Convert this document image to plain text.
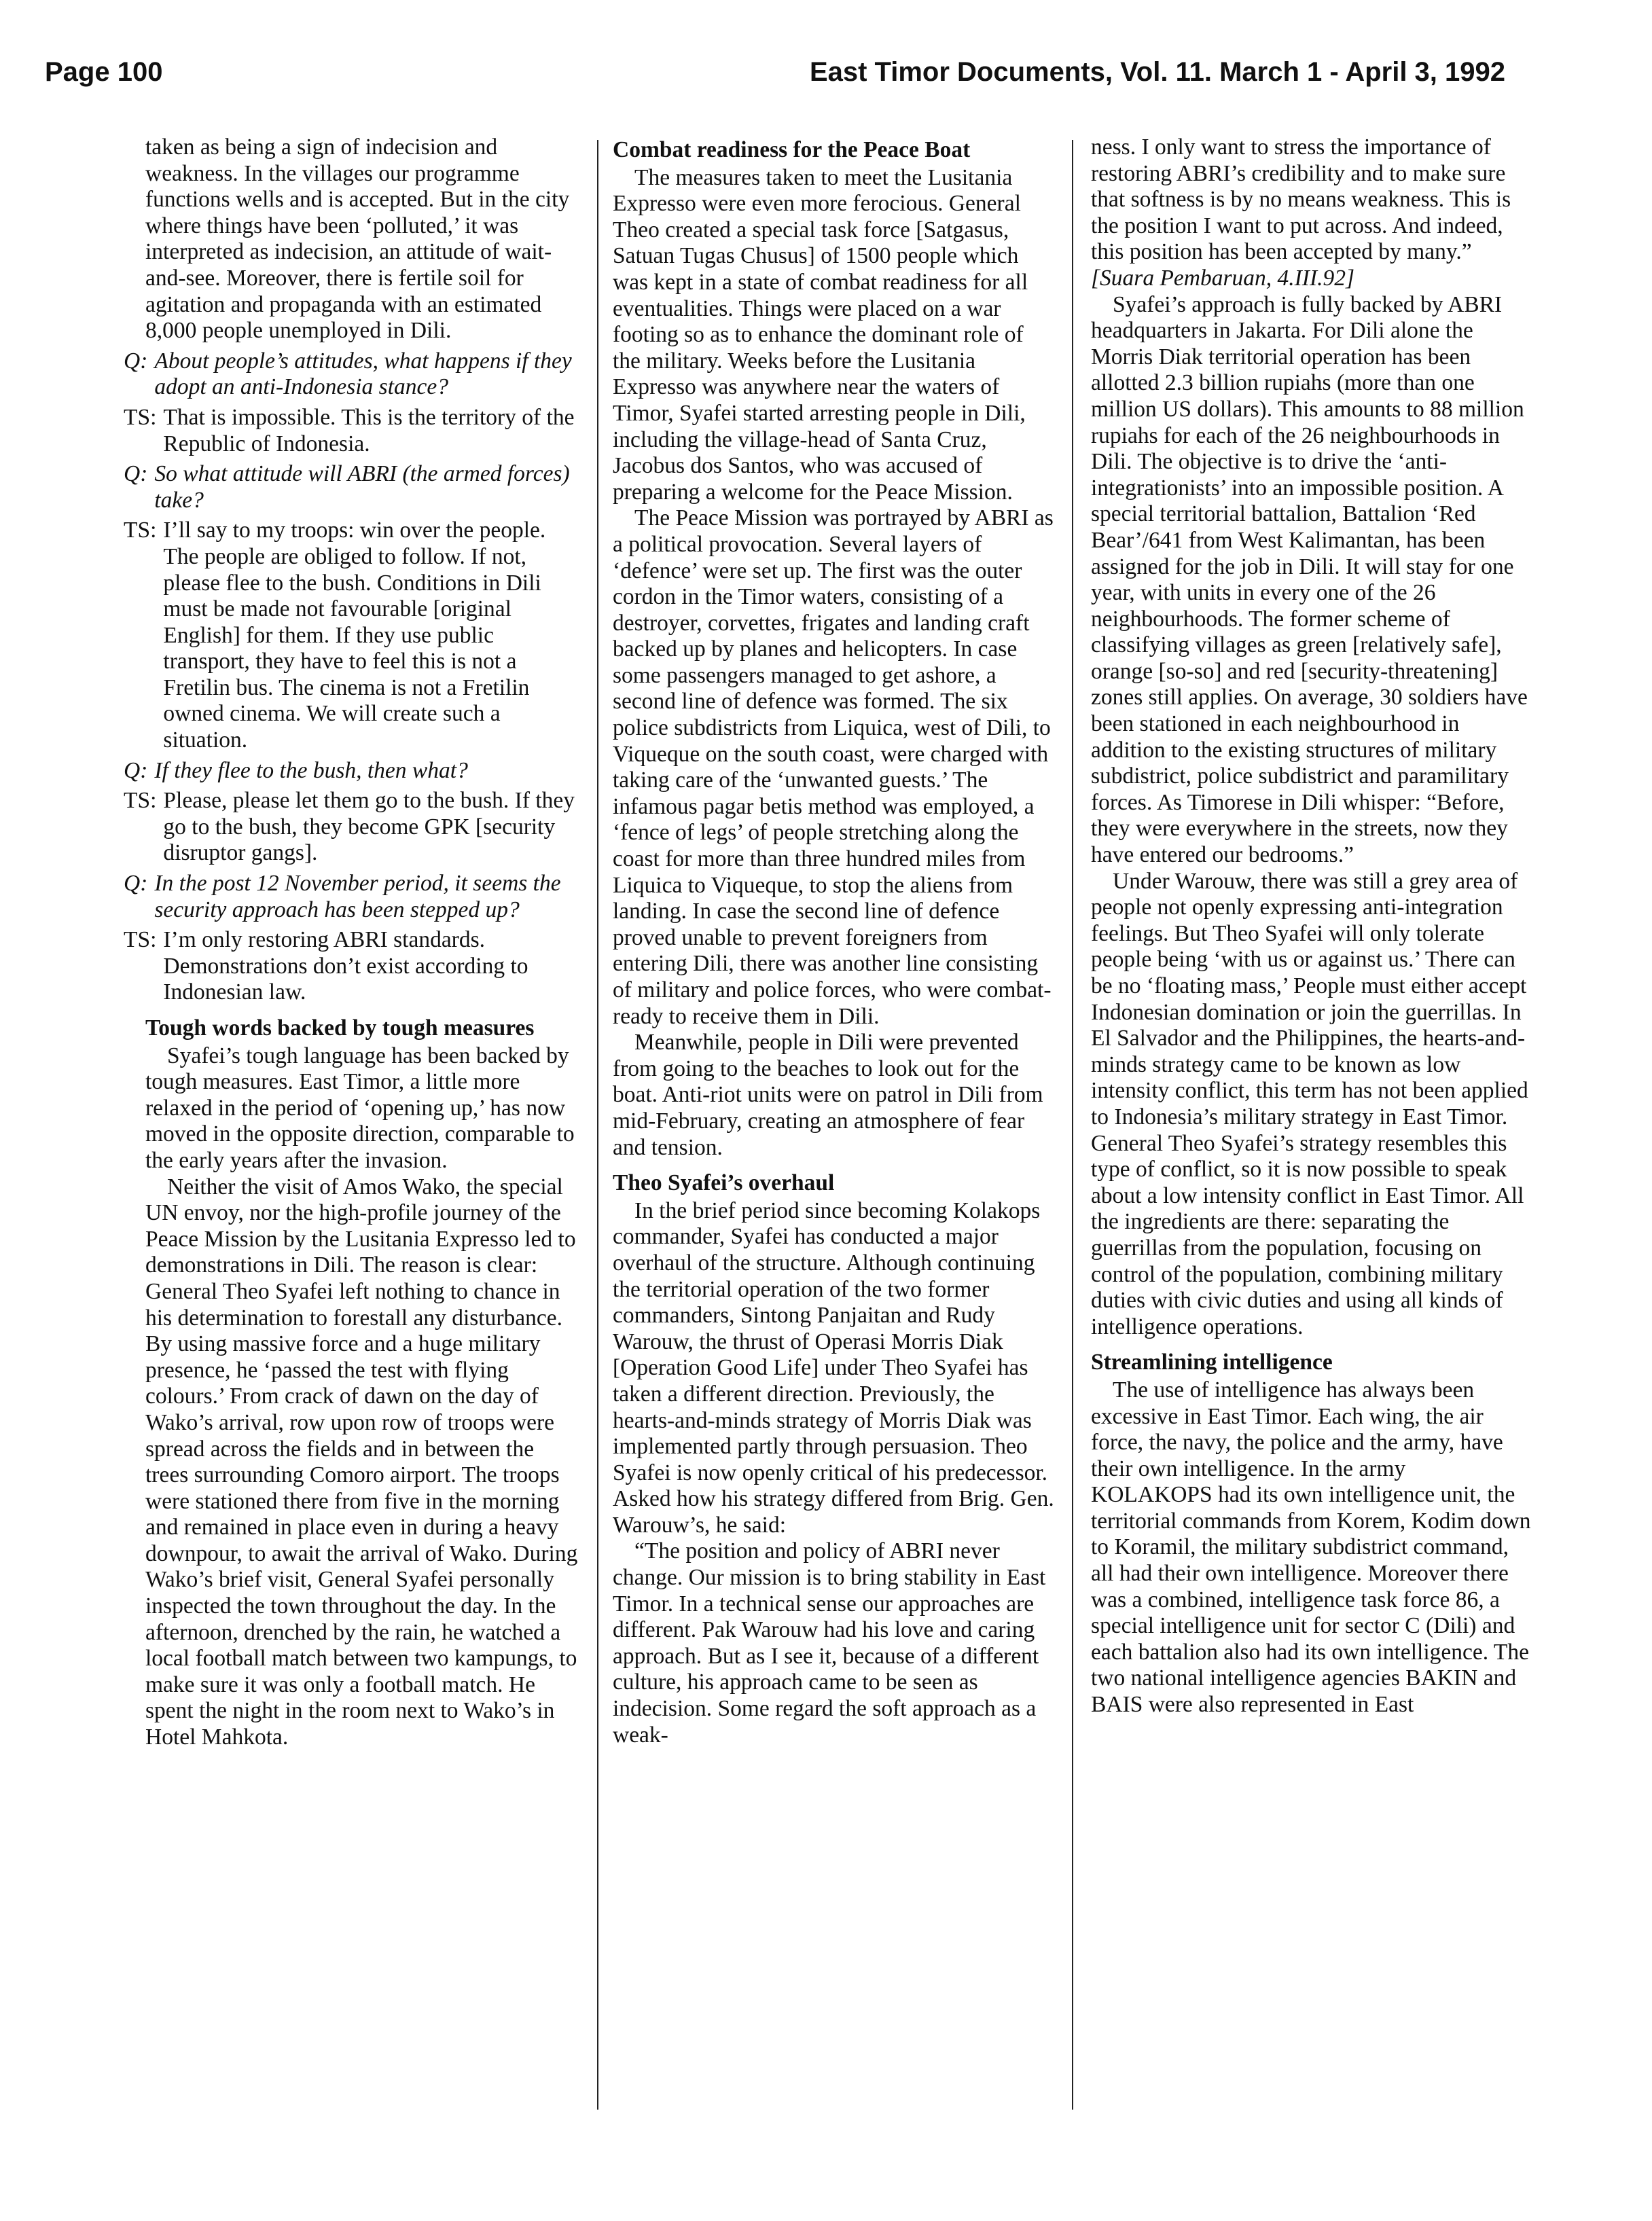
Page 100	East Timor Documents, Vol. 11. March 1 - April 3, 1992

taken as being a sign of indecision and weakness. In the villages our programme functions wells and is accepted. But in the city where things have been ‘polluted,’ it was interpreted as indecision, an attitude of wait-and-see. Moreover, there is fertile soil for agitation and propaganda with an estimated 8,000 people unemployed in Dili.

Q: About people’s attitudes, what happens if they adopt an anti-Indonesia stance?
TS: That is impossible. This is the territory of the Republic of Indonesia.
Q: So what attitude will ABRI (the armed forces) take?
TS: I’ll say to my troops: win over the people. The people are obliged to follow. If not, please flee to the bush. Conditions in Dili must be made not favourable [original English] for them. If they use public transport, they have to feel this is not a Fretilin bus. The cinema is not a Fretilin owned cinema. We will create such a situation.
Q: If they flee to the bush, then what?
TS: Please, please let them go to the bush. If they go to the bush, they become GPK [security disruptor gangs].
Q: In the post 12 November period, it seems the security approach has been stepped up?
TS: I’m only restoring ABRI standards. Demonstrations don’t exist according to Indonesian law.

Tough words backed by tough measures

Syafei’s tough language has been backed by tough measures. East Timor, a little more relaxed in the period of ‘opening up,’ has now moved in the opposite direction, comparable to the early years after the invasion.

Neither the visit of Amos Wako, the special UN envoy, nor the high-profile journey of the Peace Mission by the Lusitania Expresso led to demonstrations in Dili. The reason is clear: General Theo Syafei left nothing to chance in his determination to forestall any disturbance. By using massive force and a huge military presence, he ‘passed the test with flying colours.’ From crack of dawn on the day of Wako’s arrival, row upon row of troops were spread across the fields and in between the trees surrounding Comoro airport. The troops were stationed there from five in the morning and remained in place even in during a heavy downpour, to await the arrival of Wako. During Wako’s brief visit, General Syafei personally inspected the town throughout the day. In the afternoon, drenched by the rain, he watched a local football match between two kampungs, to make sure it was only a football match. He spent the night in the room next to Wako’s in Hotel Mahkota.

Combat readiness for the Peace Boat

The measures taken to meet the Lusitania Expresso were even more ferocious. General Theo created a special task force [Satgasus, Satuan Tugas Chusus] of 1500 people which was kept in a state of combat readiness for all eventualities. Things were placed on a war footing so as to enhance the dominant role of the military. Weeks before the Lusitania Expresso was anywhere near the waters of Timor, Syafei started arresting people in Dili, including the village-head of Santa Cruz, Jacobus dos Santos, who was accused of preparing a welcome for the Peace Mission.

The Peace Mission was portrayed by ABRI as a political provocation. Several layers of ‘defence’ were set up. The first was the outer cordon in the Timor waters, consisting of a destroyer, corvettes, frigates and landing craft backed up by planes and helicopters. In case some passengers managed to get ashore, a second line of defence was formed. The six police subdistricts from Liquica, west of Dili, to Viqueque on the south coast, were charged with taking care of the ‘unwanted guests.’ The infamous pagar betis method was employed, a ‘fence of legs’ of people stretching along the coast for more than three hundred miles from Liquica to Viqueque, to stop the aliens from landing. In case the second line of defence proved unable to prevent foreigners from entering Dili, there was another line consisting of military and police forces, who were combat-ready to receive them in Dili.

Meanwhile, people in Dili were prevented from going to the beaches to look out for the boat. Anti-riot units were on patrol in Dili from mid-February, creating an atmosphere of fear and tension.

Theo Syafei’s overhaul

In the brief period since becoming Kolakops commander, Syafei has conducted a major overhaul of the structure. Although continuing the territorial operation of the two former commanders, Sintong Panjaitan and Rudy Warouw, the thrust of Operasi Morris Diak [Operation Good Life] under Theo Syafei has taken a different direction. Previously, the hearts-and-minds strategy of Morris Diak was implemented partly through persuasion. Theo Syafei is now openly critical of his predecessor. Asked how his strategy differed from Brig. Gen. Warouw’s, he said:

“The position and policy of ABRI never change. Our mission is to bring stability in East Timor. In a technical sense our approaches are different. Pak Warouw had his love and caring approach. But as I see it, because of a different culture, his approach came to be seen as indecision. Some regard the soft approach as a weak-

ness. I only want to stress the importance of restoring ABRI’s credibility and to make sure that softness is by no means weakness. This is the position I want to put across. And indeed, this position has been accepted by many.” [Suara Pembaruan, 4.III.92]

Syafei’s approach is fully backed by ABRI headquarters in Jakarta. For Dili alone the Morris Diak territorial operation has been allotted 2.3 billion rupiahs (more than one million US dollars). This amounts to 88 million rupiahs for each of the 26 neighbourhoods in Dili. The objective is to drive the ‘anti-integrationists’ into an impossible position. A special territorial battalion, Battalion ‘Red Bear’/641 from West Kalimantan, has been assigned for the job in Dili. It will stay for one year, with units in every one of the 26 neighbourhoods. The former scheme of classifying villages as green [relatively safe], orange [so-so] and red [security-threatening] zones still applies. On average, 30 soldiers have been stationed in each neighbourhood in addition to the existing structures of military subdistrict, police subdistrict and paramilitary forces. As Timorese in Dili whisper: “Before, they were everywhere in the streets, now they have entered our bedrooms.”

Under Warouw, there was still a grey area of people not openly expressing anti-integration feelings. But Theo Syafei will only tolerate people being ‘with us or against us.’ There can be no ‘floating mass,’ People must either accept Indonesian domination or join the guerrillas. In El Salvador and the Philippines, the hearts-and-minds strategy came to be known as low intensity conflict, this term has not been applied to Indonesia’s military strategy in East Timor. General Theo Syafei’s strategy resembles this type of conflict, so it is now possible to speak about a low intensity conflict in East Timor. All the ingredients are there: separating the guerrillas from the population, focusing on control of the population, combining military duties with civic duties and using all kinds of intelligence operations.

Streamlining intelligence

The use of intelligence has always been excessive in East Timor. Each wing, the air force, the navy, the police and the army, have their own intelligence. In the army KOLAKOPS had its own intelligence unit, the territorial commands from Korem, Kodim down to Koramil, the military subdistrict command, all had their own intelligence. Moreover there was a combined, intelligence task force 86, a special intelligence unit for sector C (Dili) and each battalion also had its own intelligence. The two national intelligence agencies BAKIN and BAIS were also represented in East
